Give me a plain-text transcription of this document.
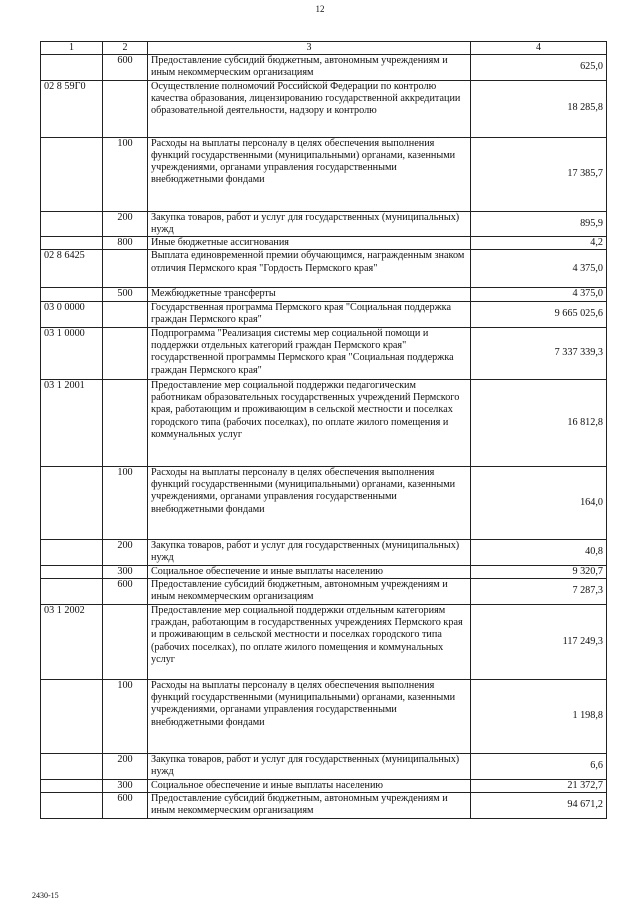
12
1	2	3	4
	600	Предоставление субсидий бюджетным, автономным учреждениям и иным некоммерческим организациям	625,0
02 8 59Г0		Осуществление полномочий Российской Федерации по контролю качества образования, лицензированию государственной аккредитации образовательной деятельности, надзору и контролю	18 285,8
	100	Расходы на выплаты персоналу в целях обеспечения выполнения функций государственными (муниципальными) органами, казенными учреждениями, органами управления государственными внебюджетными фондами	17 385,7
	200	Закупка товаров, работ и услуг для государственных (муниципальных) нужд	895,9
	800	Иные бюджетные ассигнования	4,2
02 8 6425		Выплата единовременной премии обучающимся, награжденным знаком отличия Пермского края "Гордость Пермского края"	4 375,0
	500	Межбюджетные трансферты	4 375,0
03 0 0000		Государственная программа Пермского края "Социальная поддержка граждан Пермского края"	9 665 025,6
03 1 0000		Подпрограмма "Реализация системы мер социальной помощи и поддержки отдельных категорий граждан Пермского края" государственной программы Пермского края "Социальная поддержка граждан Пермского края"	7 337 339,3
03 1 2001		Предоставление мер социальной поддержки педагогическим работникам образовательных государственных учреждений Пермского края, работающим и проживающим в сельской местности и поселках городского типа (рабочих поселках), по оплате жилого помещения и коммунальных услуг	16 812,8
	100	Расходы на выплаты персоналу в целях обеспечения выполнения функций государственными (муниципальными) органами, казенными учреждениями, органами управления государственными внебюджетными фондами	164,0
	200	Закупка товаров, работ и услуг для государственных (муниципальных) нужд	40,8
	300	Социальное обеспечение и иные выплаты населению	9 320,7
	600	Предоставление субсидий бюджетным, автономным учреждениям и иным некоммерческим организациям	7 287,3
03 1 2002		Предоставление мер социальной поддержки отдельным категориям граждан, работающим в государственных учреждениях Пермского края и проживающим в сельской местности и поселках городского типа (рабочих поселках), по оплате жилого помещения и коммунальных услуг	117 249,3
	100	Расходы на выплаты персоналу в целях обеспечения выполнения функций государственными (муниципальными) органами, казенными учреждениями, органами управления государственными внебюджетными фондами	1 198,8
	200	Закупка товаров, работ и услуг для государственных (муниципальных) нужд	6,6
	300	Социальное обеспечение и иные выплаты населению	21 372,7
	600	Предоставление субсидий бюджетным, автономным учреждениям и иным некоммерческим организациям	94 671,2
2430-15
